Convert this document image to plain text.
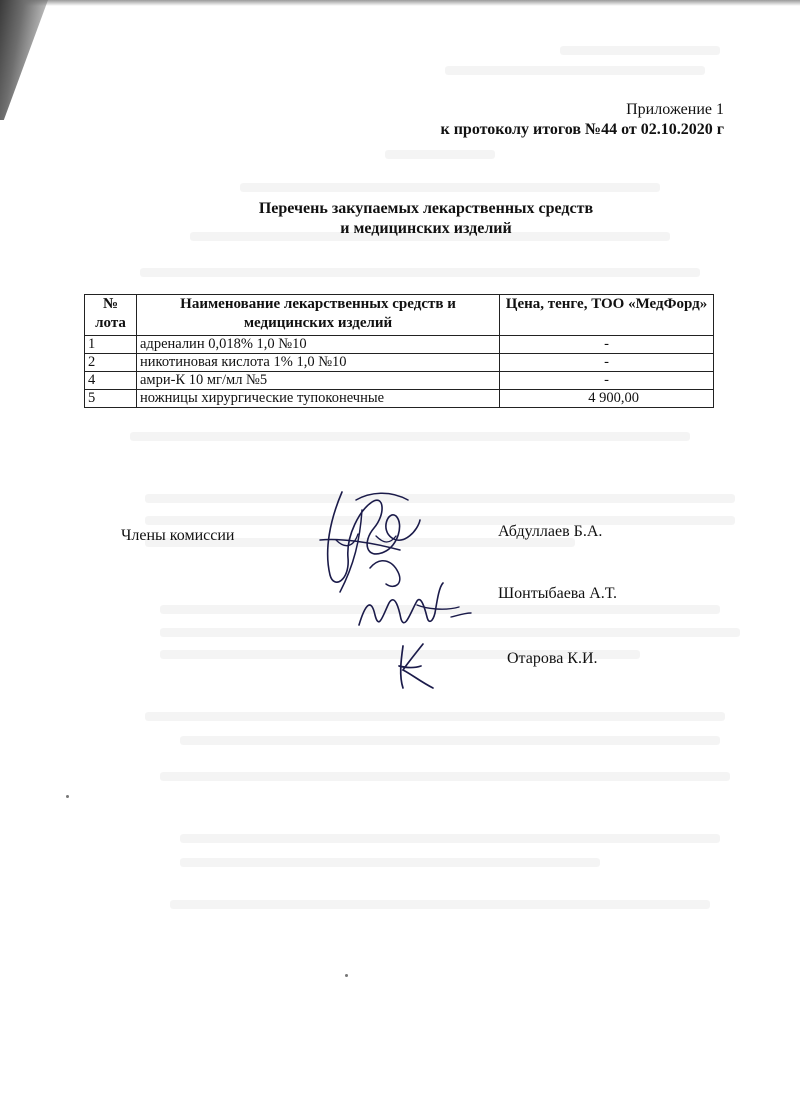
Приложение 1
к протоколу итогов №44 от 02.10.2020 г
Перечень закупаемых лекарственных средств
и медицинских изделий
№ лота	Наименование лекарственных средств и медицинских изделий	Цена, тенге, ТОО «МедФорд»
1	адреналин 0,018% 1,0 №10	-
2	никотиновая кислота 1% 1,0 №10	-
4	амри-К 10 мг/мл №5	-
5	ножницы хирургические тупоконечные	4 900,00
Члены комиссии	Абдуллаев Б.А.
Шонтыбаева А.Т.
Отарова К.И.
